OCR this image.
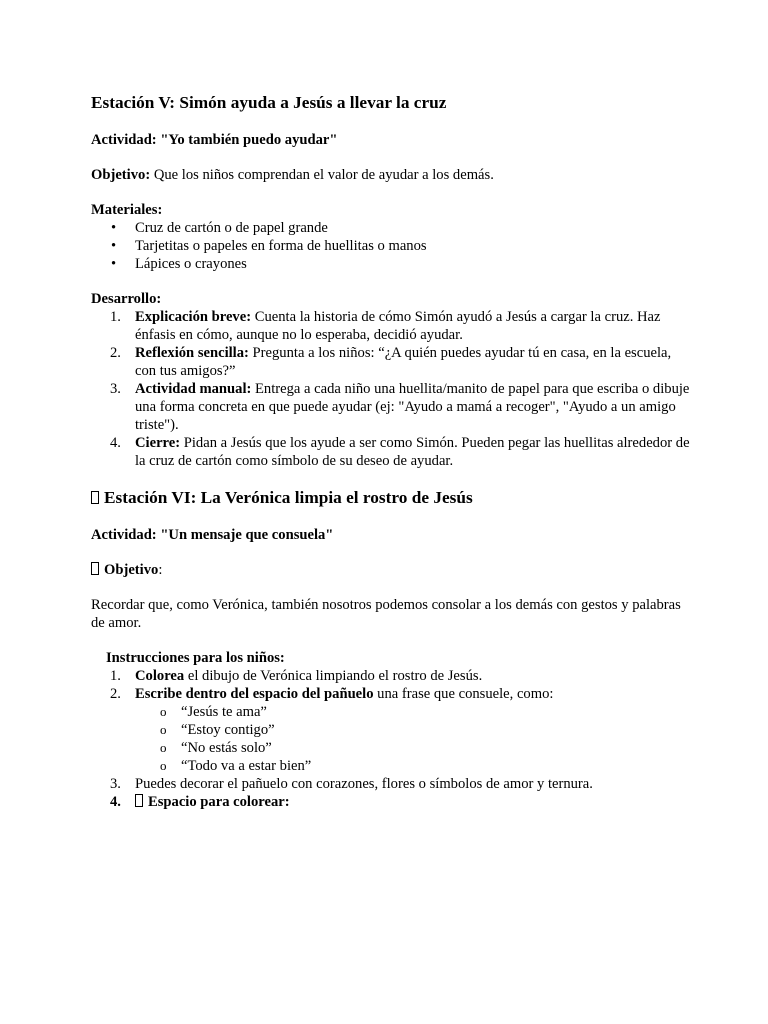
Estación V: Simón ayuda a Jesús a llevar la cruz

Actividad: "Yo también puedo ayudar"

Objetivo: Que los niños comprendan el valor de ayudar a los demás.

Materiales:

• Cruz de cartón o de papel grande
• Tarjetitas o papeles en forma de huellitas o manos
• Lápices o crayones

Desarrollo:

1. Explicación breve: Cuenta la historia de cómo Simón ayudó a Jesús a cargar la cruz. Haz énfasis en cómo, aunque no lo esperaba, decidió ayudar.
2. Reflexión sencilla: Pregunta a los niños: “¿A quién puedes ayudar tú en casa, en la escuela, con tus amigos?”
3. Actividad manual: Entrega a cada niño una huellita/manito de papel para que escriba o dibuje una forma concreta en que puede ayudar (ej: "Ayudo a mamá a recoger", "Ayudo a un amigo triste").
4. Cierre: Pidan a Jesús que los ayude a ser como Simón. Pueden pegar las huellitas alrededor de la cruz de cartón como símbolo de su deseo de ayudar.
Estación VI: La Verónica limpia el rostro de Jesús

Actividad: "Un mensaje que consuela"

Objetivo:

Recordar que, como Verónica, también nosotros podemos consolar a los demás con gestos y palabras de amor.

Instrucciones para los niños:

1. Colorea el dibujo de Verónica limpiando el rostro de Jesús.
2. Escribe dentro del espacio del pañuelo una frase que consuele, como:
o “Jesús te ama”
o “Estoy contigo”
o “No estás solo”
o “Todo va a estar bien”
3. Puedes decorar el pañuelo con corazones, flores o símbolos de amor y ternura.
4.	Espacio para colorear:
